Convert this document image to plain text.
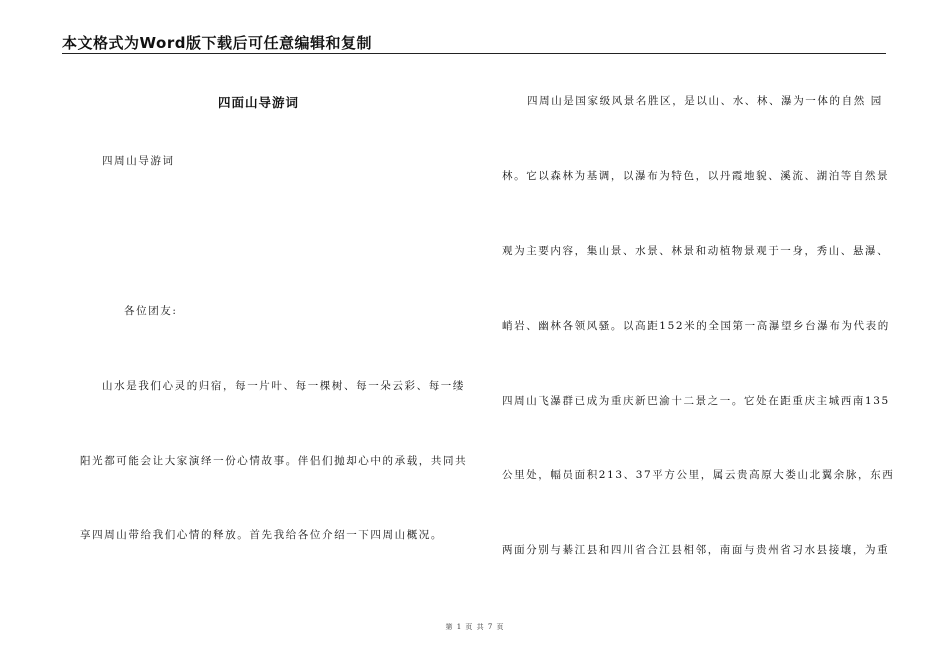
本文格式为Word版下载后可任意编辑和复制
四面山导游词
四周山导游词
各位团友:
山水是我们心灵的归宿，每一片叶、每一棵树、每一朵云彩、每一缕
阳光都可能会让大家演绎一份心情故事。伴侣们抛却心中的承载，共同共
享四周山带给我们心情的释放。首先我给各位介绍一下四周山概况。
四周山是国家级风景名胜区，是以山、水、林、瀑为一体的自然 园
林。它以森林为基调，以瀑布为特色，以丹霞地貌、溪流、湖泊等自然景
观为主要内容，集山景、水景、林景和动植物景观于一身，秀山、悬瀑、
峭岩、幽林各领风骚。以高距152米的全国第一高瀑望乡台瀑布为代表的
四周山飞瀑群已成为重庆新巴渝十二景之一。它处在距重庆主城西南135
公里处，幅员面积213、37平方公里，属云贵高原大娄山北翼余脉，东西
两面分别与綦江县和四川省合江县相邻，南面与贵州省习水县接壤，为重
第 1 页 共 7 页
